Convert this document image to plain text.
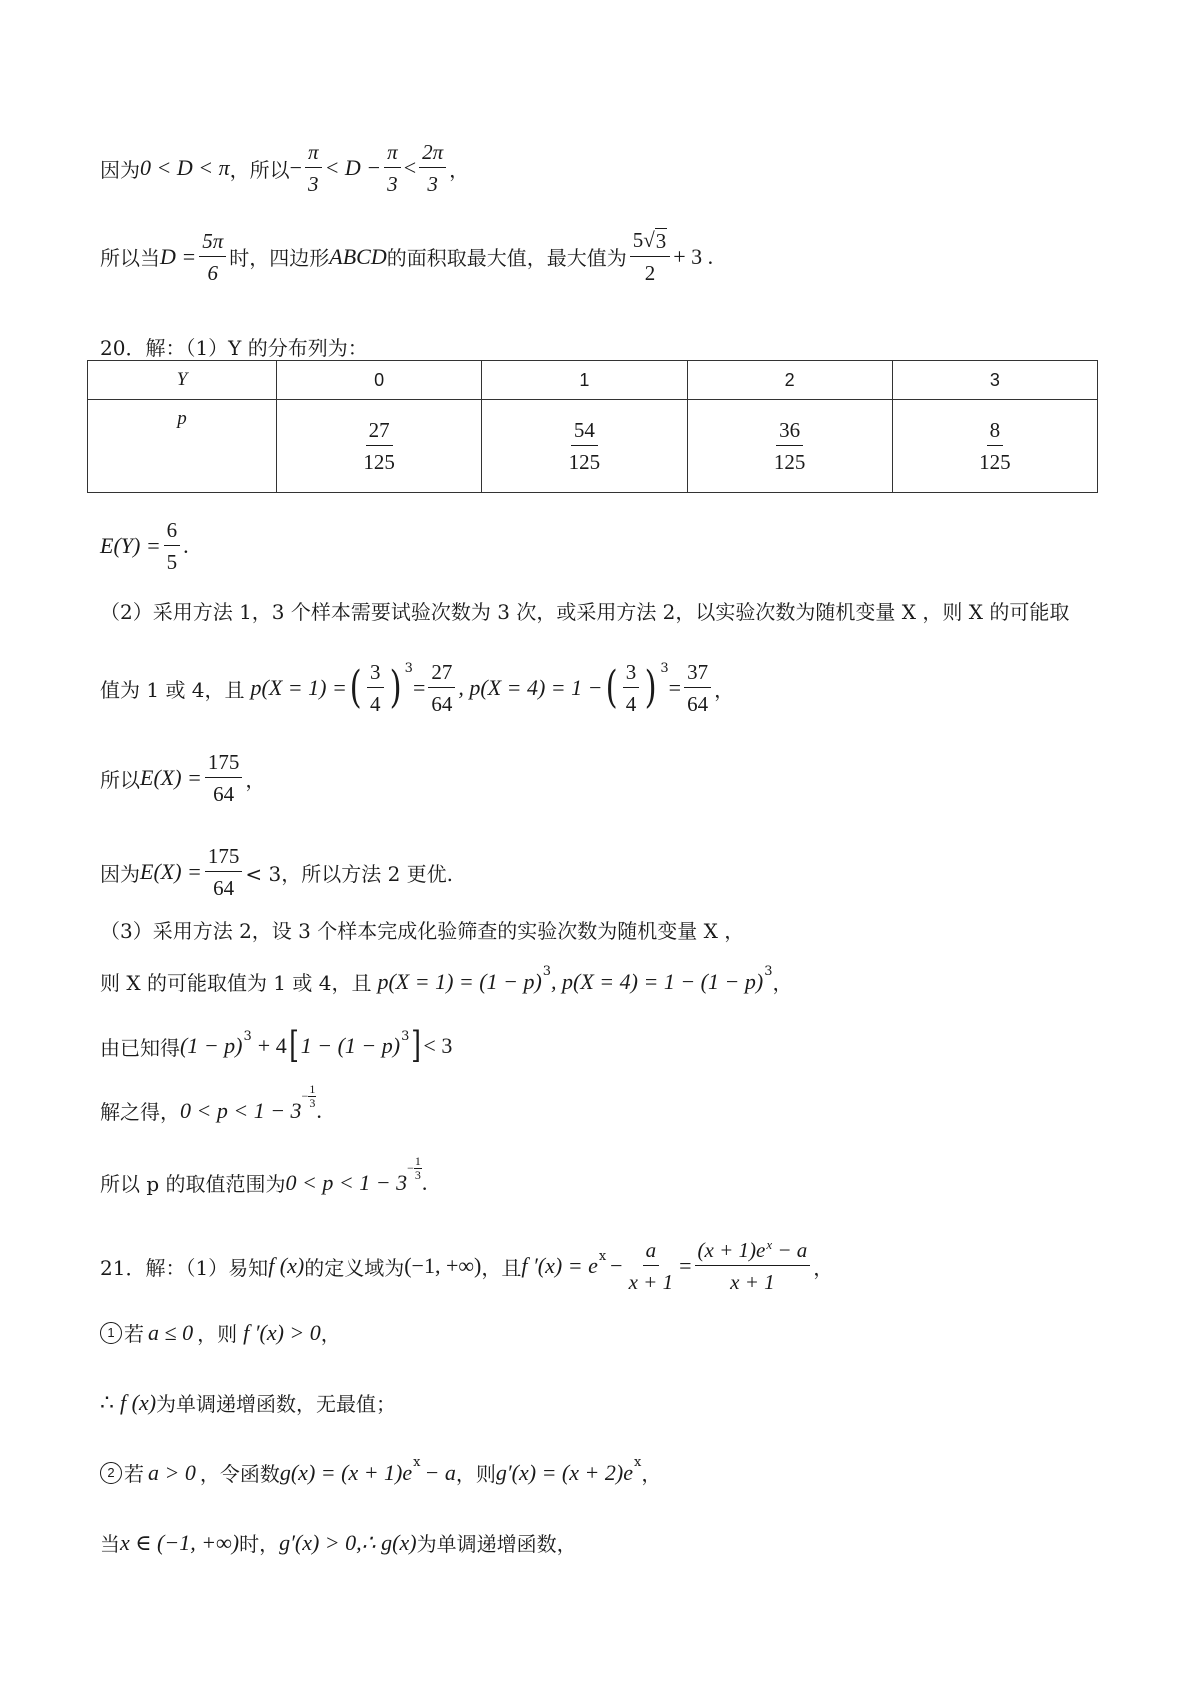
因为 0 < D < π ，所以 − $\frac{\pi}{3} < D - \frac{\pi}{3} < \frac{2\pi}{3}$ ，
所以当 $D = \frac{5\pi}{6}$ 时，四边形 ABCD 的面积取最大值，最大值为 $\frac{5√ 3}{2} + 3$ .
20．解：（1）Y 的分布列为：
Y	0	1	2	3

p	$\frac{27}{125}$	$\frac{54}{125}$	$\frac{36}{125}$	$\frac{8}{125}$
$E(Y) = \frac{6}{5}$ .
（2）采用方法 1，3 个样本需要试验次数为 3 次，或采用方法 2，以实验次数为随机变量 X ，则 X 的可能取
值为 1 或 4，且 p(X = 1) = ( $\frac{3}{4}$ ) 3
= $\frac{27}{64}$ , p(X = 4) = 1 − ( $\frac{3}{4}$ ) 3
= $\frac{37}{64}$ ，
所以 $E(X) = \frac{175}{64}$ ，
因为 $E(X) = \frac{175}{64} < 3$，所以方法 2 更优.
（3）采用方法 2，设 3 个样本完成化验筛查的实验次数为随机变量 X ，
则 X 的可能取值为 1 或 4，且 p(X = 1) = (1 − p) 3 , p(X = 4) = 1 − (1 − p) 3 ，
由已知得 (1 − p) 3 + 4 [ 1 − (1 − p) 3 ] < 3
解之得， 0 < p < 1 − 3
− $\frac{1}{3}$
.
所以 p 的取值范围为 0 < p < 1 − 3
− $\frac{1}{3}$
.
21．解：（1）易知 f (x) 的定义域为 (−1, +∞) ，且 f ′(x) = e $x - \frac{a}{x + 1} = \frac{(x + 1)e^x - a}{x + 1}$ ，
1 若 a ≤ 0 ，则 f ′(x) > 0 ，
∴ f (x) 为单调递增函数，无最值；
2 若 a > 0 ，令函数 g(x) = (x + 1)e x − a ，则 g′(x) = (x + 2)e x ，
当 x ∈ (−1, +∞) 时， g′(x) > 0,∴ g(x) 为单调递增函数，
